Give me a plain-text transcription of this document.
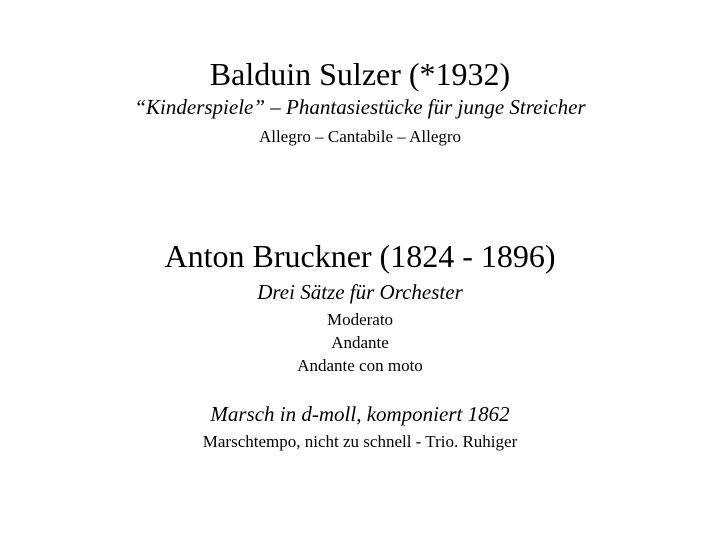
Balduin Sulzer (*1932)
“Kinderspiele” – Phantasiestücke für junge Streicher
Allegro – Cantabile – Allegro
Anton Bruckner (1824 - 1896)
Drei Sätze für Orchester
Moderato
Andante
Andante con moto
Marsch in d-moll, komponiert 1862
Marschtempo, nicht zu schnell - Trio. Ruhiger
